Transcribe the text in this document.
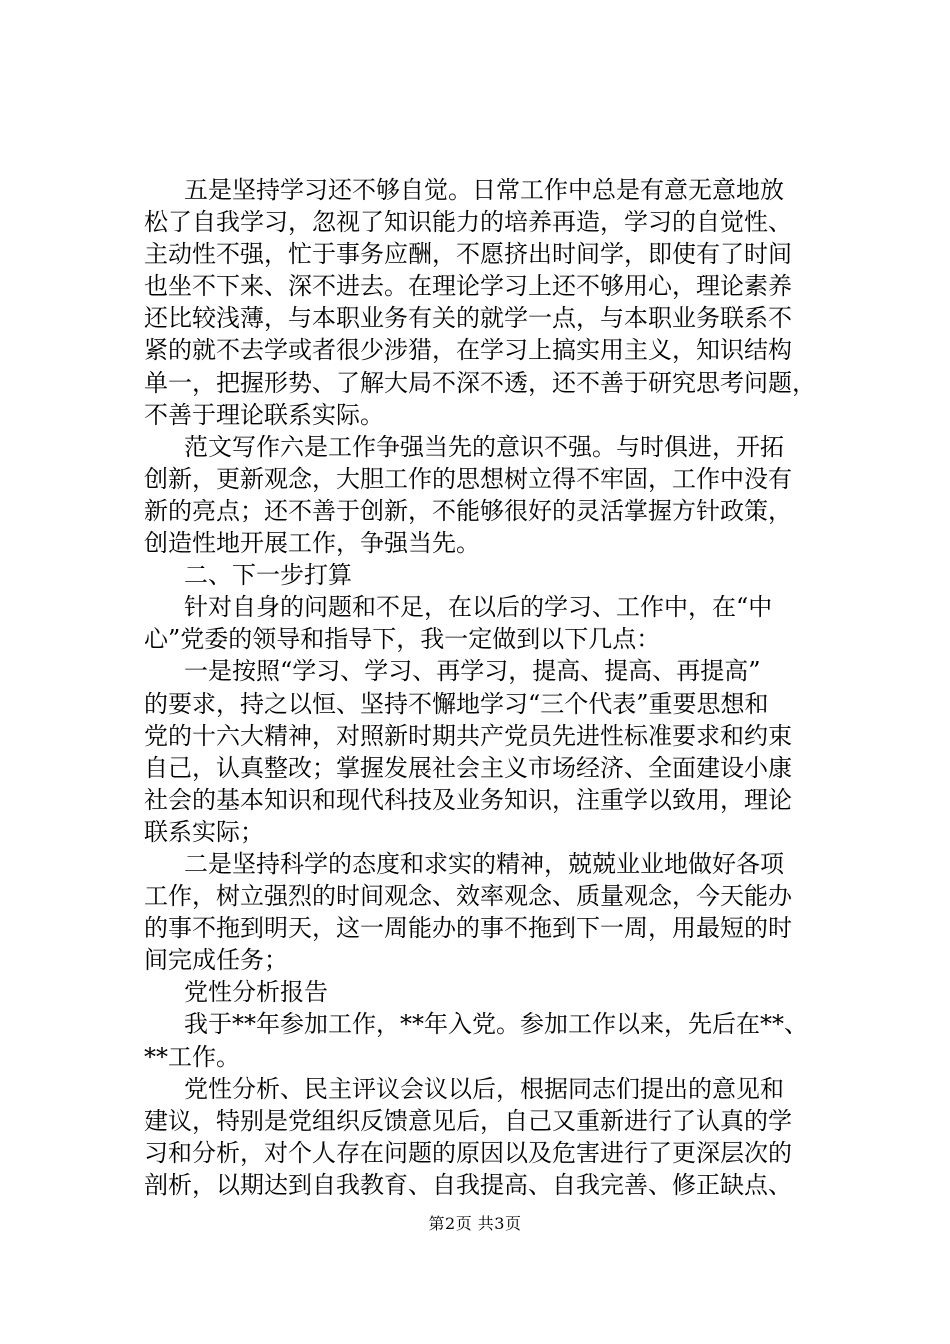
五是坚持学习还不够自觉。日常工作中总是有意无意地放
松了自我学习，忽视了知识能力的培养再造，学习的自觉性、
主动性不强，忙于事务应酬，不愿挤出时间学，即使有了时间
也坐不下来、深不进去。在理论学习上还不够用心，理论素养
还比较浅薄，与本职业务有关的就学一点，与本职业务联系不
紧的就不去学或者很少涉猎，在学习上搞实用主义，知识结构
单一，把握形势、了解大局不深不透，还不善于研究思考问题，
不善于理论联系实际。
范文写作六是工作争强当先的意识不强。与时俱进，开拓
创新，更新观念，大胆工作的思想树立得不牢固，工作中没有
新的亮点；还不善于创新，不能够很好的灵活掌握方针政策，
创造性地开展工作，争强当先。
二、下一步打算
针对自身的问题和不足，在以后的学习、工作中，在“中
心”党委的领导和指导下，我一定做到以下几点：
一是按照“学习、学习、再学习，提高、提高、再提高”
的要求，持之以恒、坚持不懈地学习“三个代表”重要思想和
党的十六大精神，对照新时期共产党员先进性标准要求和约束
自己，认真整改；掌握发展社会主义市场经济、全面建设小康
社会的基本知识和现代科技及业务知识，注重学以致用，理论
联系实际；
二是坚持科学的态度和求实的精神，兢兢业业地做好各项
工作，树立强烈的时间观念、效率观念、质量观念，今天能办
的事不拖到明天，这一周能办的事不拖到下一周，用最短的时
间完成任务；
党性分析报告
我于**年参加工作，**年入党。参加工作以来，先后在**、
**工作。
党性分析、民主评议会议以后，根据同志们提出的意见和
建议，特别是党组织反馈意见后，自己又重新进行了认真的学
习和分析，对个人存在问题的原因以及危害进行了更深层次的
剖析，以期达到自我教育、自我提高、自我完善、修正缺点、
第2页 共3页
